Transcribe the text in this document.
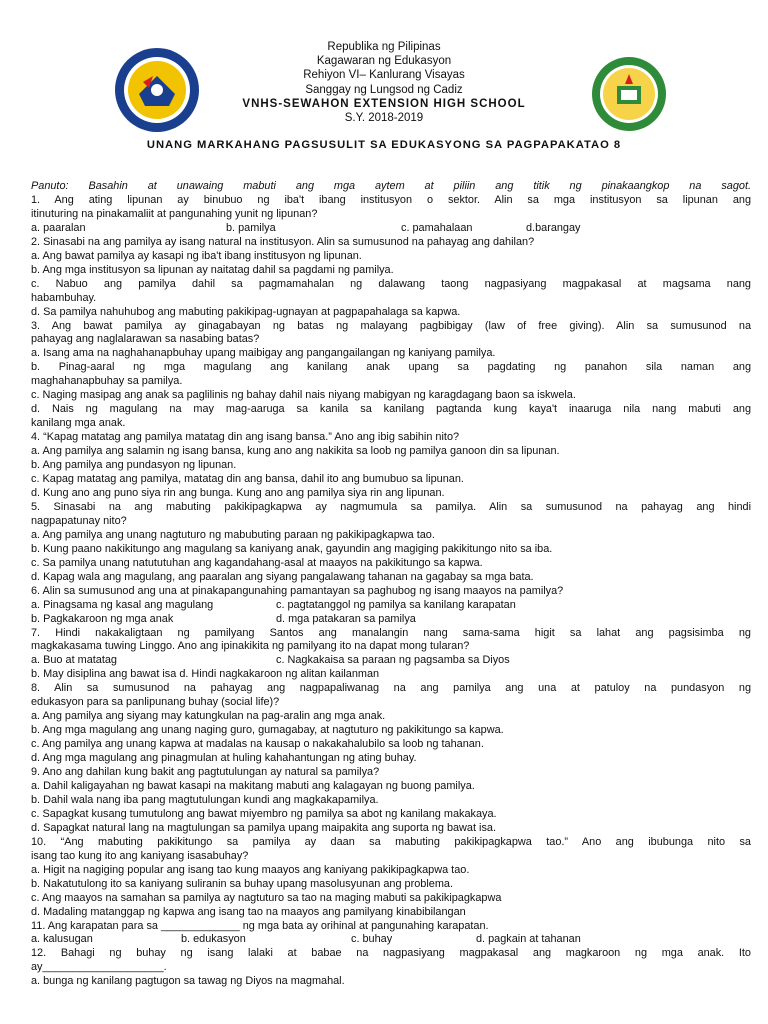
Republika ng Pilipinas
Kagawaran ng Edukasyon
Rehiyon VI– Kanlurang Visayas
Sanggay ng Lungsod ng Cadiz
VNHS-SEWAHON EXTENSION HIGH SCHOOL
S.Y. 2018-2019
UNANG MARKAHANG PAGSUSULIT SA EDUKASYONG SA PAGPAPAKATAO 8

Panuto: Basahin at unawaing mabuti ang mga aytem at piliin ang titik ng pinakaangkop na sagot.

1. Ang ating lipunan ay binubuo ng iba't ibang institusyon o sektor. Alin sa mga institusyon sa lipunan ang

itinuturing na pinakamaliit at pangunahing yunit ng lipunan?

a. paaralan	b. pamilya	c. pamahalaan	d.barangay

2. Sinasabi na ang pamilya ay isang natural na institusyon. Alin sa sumusunod na pahayag ang dahilan?

a. Ang bawat pamilya ay kasapi ng iba't ibang institusyon ng lipunan.

b. Ang mga institusyon sa lipunan ay naitatag dahil sa pagdami ng pamilya.

c. Nabuo ang pamilya dahil sa pagmamahalan ng dalawang taong nagpasiyang magpakasal at magsama nang

habambuhay.

d. Sa pamilya nahuhubog ang mabuting pakikipag-ugnayan at pagpapahalaga sa kapwa.

3. Ang bawat pamilya ay ginagabayan ng batas ng malayang pagbibigay (law of free giving). Alin sa sumusunod na

pahayag ang naglalarawan sa nasabing batas?

a. Isang ama na naghahanapbuhay upang maibigay ang pangangailangan ng kaniyang pamilya.

b. Pinag-aaral ng mga magulang ang kanilang anak upang sa pagdating ng panahon sila naman ang

maghahanapbuhay sa pamilya.

c. Naging masipag ang anak sa paglilinis ng bahay dahil nais niyang mabigyan ng karagdagang baon sa iskwela.

d. Nais ng magulang na may mag-aaruga sa kanila sa kanilang pagtanda kung kaya't inaaruga nila nang mabuti ang

kanilang mga anak.

4. “Kapag matatag ang pamilya matatag din ang isang bansa.” Ano ang ibig sabihin nito?

a. Ang pamilya ang salamin ng isang bansa, kung ano ang nakikita sa loob ng pamilya ganoon din sa lipunan.

b. Ang pamilya ang pundasyon ng lipunan.

c. Kapag matatag ang pamilya, matatag din ang bansa, dahil ito ang bumubuo sa lipunan.

d. Kung ano ang puno siya rin ang bunga. Kung ano ang pamilya siya rin ang lipunan.

5. Sinasabi na ang mabuting pakikipagkapwa ay nagmumula sa pamilya. Alin sa sumusunod na pahayag ang hindi

nagpapatunay nito?

a. Ang pamilya ang unang nagtuturo ng mabubuting paraan ng pakikipagkapwa tao.

b. Kung paano nakikitungo ang magulang sa kaniyang anak, gayundin ang magiging pakikitungo nito sa iba.

c. Sa pamilya unang natututuhan ang kagandahang-asal at maayos na pakikitungo sa kapwa.

d. Kapag wala ang magulang, ang paaralan ang siyang pangalawang tahanan na gagabay sa mga bata.

6. Alin sa sumusunod ang una at pinakapangunahing pamantayan sa paghubog ng isang maayos na pamilya?

a. Pinagsama ng kasal ang magulang	c. pagtatanggol ng pamilya sa kanilang karapatan
b. Pagkakaroon ng mga anak	d. mga patakaran sa pamilya

7. Hindi nakakaligtaan ng pamilyang Santos ang manalangin nang sama-sama higit sa lahat ang pagsisimba ng

magkakasama tuwing Linggo. Ano ang ipinakikita ng pamilyang ito na dapat mong tularan?

a. Buo at matatag	c. Nagkakaisa sa paraan ng pagsamba sa Diyos

b. May disiplina ang bawat isa d. Hindi nagkakaroon ng alitan kailanman

8. Alin sa sumusunod na pahayag ang nagpapaliwanag na ang pamilya ang una at patuloy na pundasyon ng

edukasyon para sa panlipunang buhay (social life)?

a. Ang pamilya ang siyang may katungkulan na pag-aralin ang mga anak.

b. Ang mga magulang ang unang naging guro, gumagabay, at nagtuturo ng pakikitungo sa kapwa.

c. Ang pamilya ang unang kapwa at madalas na kausap o nakakahalubilo sa loob ng tahanan.

d. Ang mga magulang ang pinagmulan at huling kahahantungan ng ating buhay.

9. Ano ang dahilan kung bakit ang pagtutulungan ay natural sa pamilya?

a. Dahil kaligayahan ng bawat kasapi na makitang mabuti ang kalagayan ng buong pamilya.

b. Dahil wala nang iba pang magtutulungan kundi ang magkakapamilya.

c. Sapagkat kusang tumutulong ang bawat miyembro ng pamilya sa abot ng kanilang makakaya.

d. Sapagkat natural lang na magtulungan sa pamilya upang maipakita ang suporta ng bawat isa.

10. “Ang mabuting pakikitungo sa pamilya ay daan sa mabuting pakikipagkapwa tao.” Ano ang ibubunga nito sa

isang tao kung ito ang kaniyang isasabuhay?

a. Higit na nagiging popular ang isang tao kung maayos ang kaniyang pakikipagkapwa tao.

b. Nakatutulong ito sa kaniyang suliranin sa buhay upang masolusyunan ang problema.

c. Ang maayos na samahan sa pamilya ay nagtuturo sa tao na maging mabuti sa pakikipagkapwa

d. Madaling matanggap ng kapwa ang isang tao na maayos ang pamilyang kinabibilangan

11. Ang karapatan para sa _____________ ng mga bata ay orihinal at pangunahing karapatan.

a. kalusugan	b. edukasyon	c. buhay	d. pagkain at tahanan

12. Bahagi ng buhay ng isang lalaki at babae na nagpasiyang magpakasal ang magkaroon ng mga anak. Ito

ay____________________.

a. bunga ng kanilang pagtugon sa tawag ng Diyos na magmahal.
